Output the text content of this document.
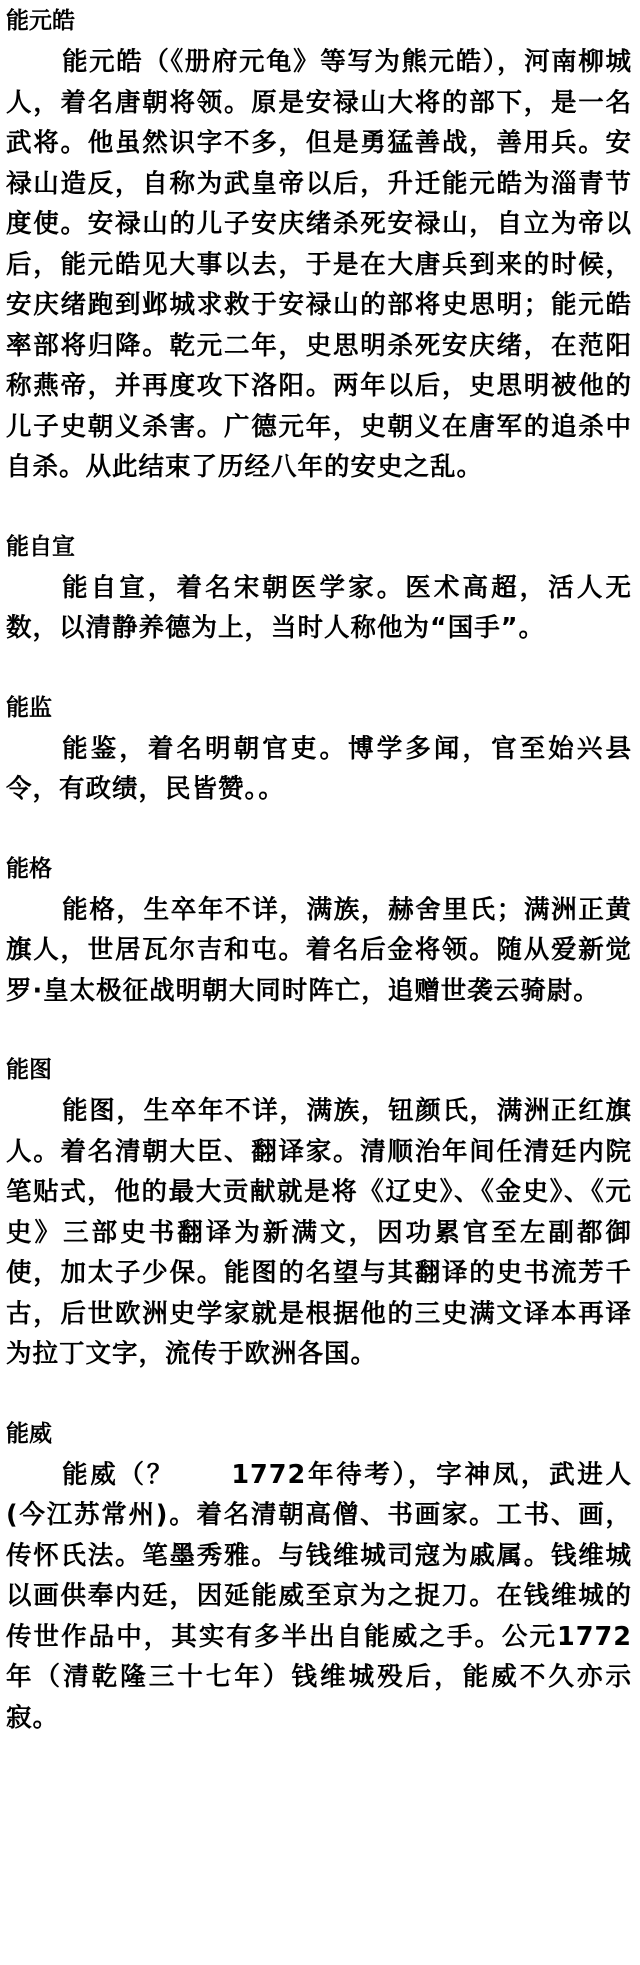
能元皓

能元皓（《册府元龟》等写为熊元皓），河南柳城人，着名唐朝将领。原是安禄山大将的部下，是一名武将。他虽然识字不多，但是勇猛善战，善用兵。安禄山造反，自称为武皇帝以后，升迁能元皓为淄青节度使。安禄山的儿子安庆绪杀死安禄山，自立为帝以后，能元皓见大事以去，于是在大唐兵到来的时候，安庆绪跑到邺城求救于安禄山的部将史思明；能元皓率部将归降。乾元二年，史思明杀死安庆绪，在范阳称燕帝，并再度攻下洛阳。两年以后，史思明被他的儿子史朝义杀害。广德元年，史朝义在唐军的追杀中自杀。从此结束了历经八年的安史之乱。

能自宣

能自宣，着名宋朝医学家。医术高超，活人无数，以清静养德为上，当时人称他为“国手”。

能监

能鉴，着名明朝官吏。博学多闻，官至始兴县令，有政绩，民皆赞。。

能格

能格，生卒年不详，满族，赫舍里氏；满洲正黄旗人，世居瓦尔吉和屯。着名后金将领。随从爱新觉罗·皇太极征战明朝大同时阵亡，追赠世袭云骑尉。

能图

能图，生卒年不详，满族，钮颜氏，满洲正红旗人。着名清朝大臣、翻译家。清顺治年间任清廷内院笔贴式，他的最大贡献就是将《辽史》、《金史》、《元史》三部史书翻译为新满文，因功累官至左副都御使，加太子少保。能图的名望与其翻译的史书流芳千古，后世欧洲史学家就是根据他的三史满文译本再译为拉丁文字，流传于欧洲各国。

能威

能威（？　　1772年待考），字神凤，武进人(今江苏常州)。着名清朝高僧、书画家。工书、画，传怀氏法。笔墨秀雅。与钱维城司寇为戚属。钱维城以画供奉内廷，因延能威至京为之捉刀。在钱维城的传世作品中，其实有多半出自能威之手。公元1772年（清乾隆三十七年）钱维城殁后，能威不久亦示寂。
